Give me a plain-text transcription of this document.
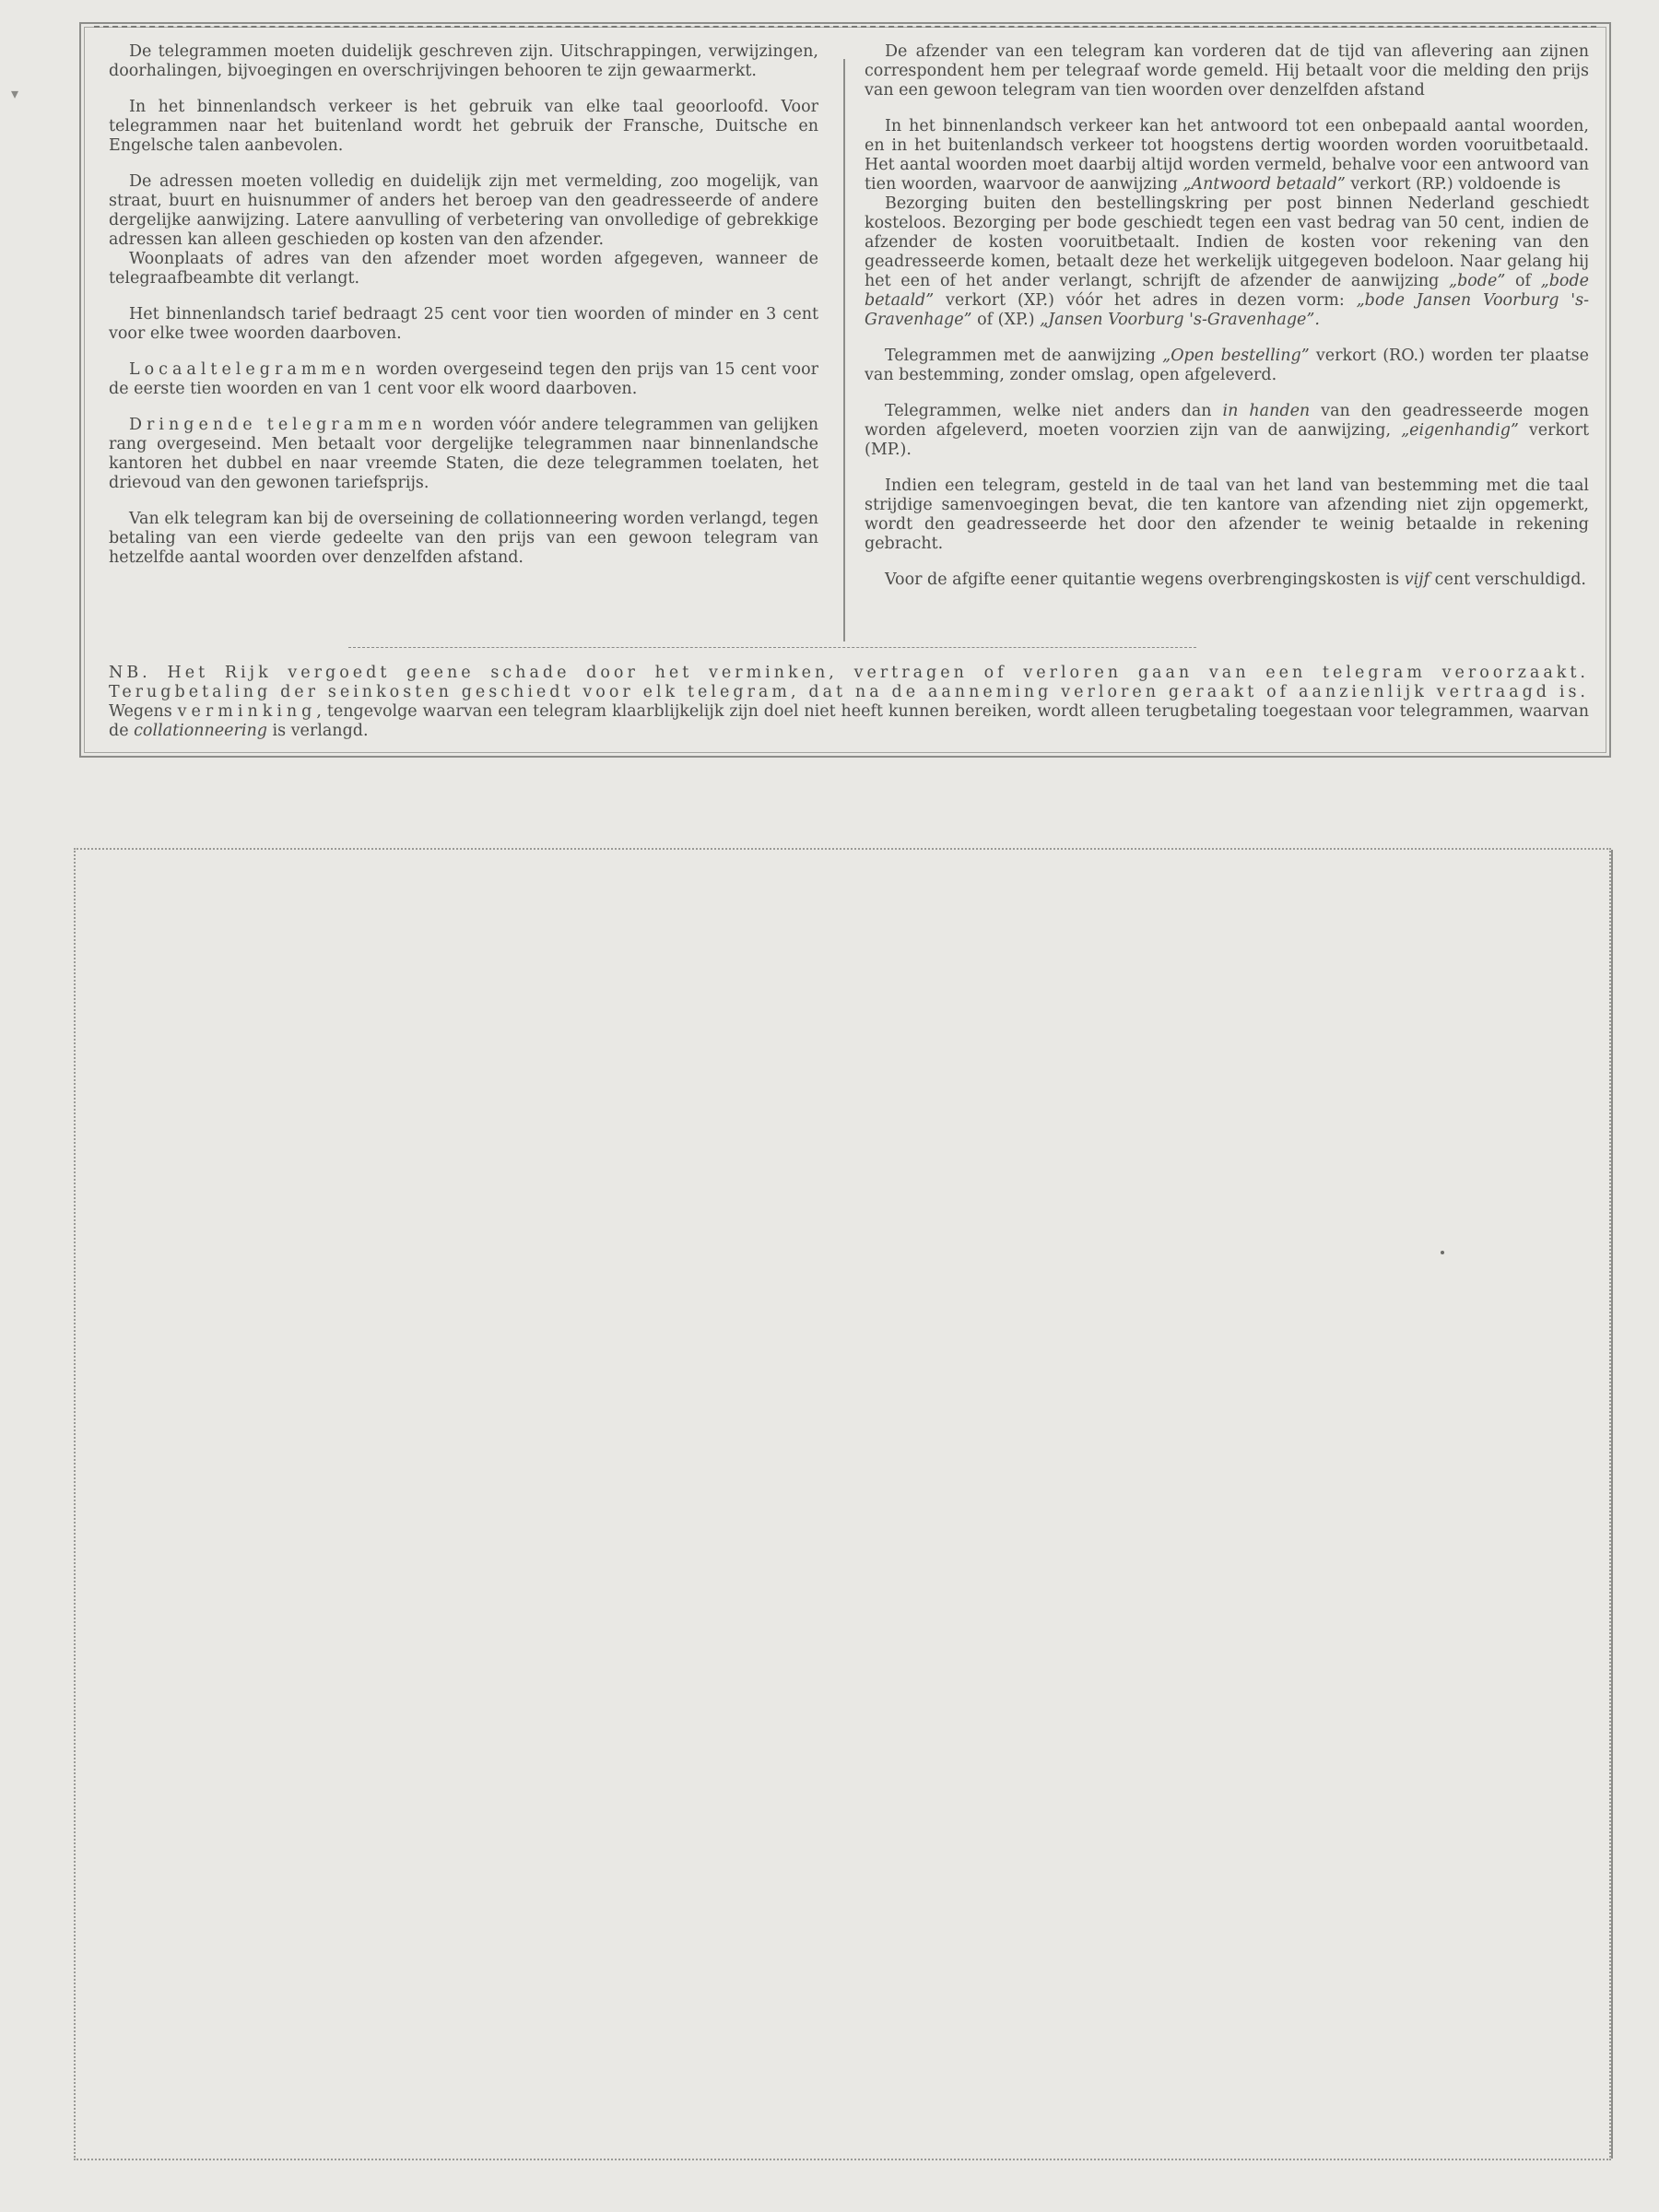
▾

De telegrammen moeten duidelijk geschreven zijn. Uitschrappingen, verwijzingen, doorhalingen, bijvoegingen en overschrijvingen behooren te zijn gewaarmerkt.

In het binnenlandsch verkeer is het gebruik van elke taal geoorloofd. Voor telegrammen naar het buitenland wordt het gebruik der Fransche, Duitsche en Engelsche talen aanbevolen.

De adressen moeten volledig en duidelijk zijn met vermelding, zoo mogelijk, van straat, buurt en huisnummer of anders het beroep van den geadresseerde of andere dergelijke aanwijzing. Latere aanvulling of verbetering van onvolledige of gebrekkige adressen kan alleen geschieden op kosten van den afzender.

Woonplaats of adres van den afzender moet worden afgegeven, wanneer de telegraafbeambte dit verlangt.

Het binnenlandsch tarief bedraagt 25 cent voor tien woorden of minder en 3 cent voor elke twee woorden daarboven.

Locaaltelegrammen worden overgeseind tegen den prijs van 15 cent voor de eerste tien woorden en van 1 cent voor elk woord daarboven.

Dringende telegrammen worden vóór andere telegrammen van gelijken rang overgeseind. Men betaalt voor dergelijke telegrammen naar binnenlandsche kantoren het dubbel en naar vreemde Staten, die deze telegrammen toelaten, het drievoud van den gewonen tariefsprijs.

Van elk telegram kan bij de overseining de collationneering worden verlangd, tegen betaling van een vierde gedeelte van den prijs van een gewoon telegram van hetzelfde aantal woorden over denzelfden afstand.

De afzender van een telegram kan vorderen dat de tijd van aflevering aan zijnen correspondent hem per telegraaf worde gemeld. Hij betaalt voor die melding den prijs van een gewoon telegram van tien woorden over denzelfden afstand

In het binnenlandsch verkeer kan het antwoord tot een onbepaald aantal woorden, en in het buitenlandsch verkeer tot hoogstens dertig woorden worden vooruitbetaald. Het aantal woorden moet daarbij altijd worden vermeld, behalve voor een antwoord van tien woorden, waarvoor de aanwijzing „Antwoord betaald” verkort (RP.) voldoende is

Bezorging buiten den bestellingskring per post binnen Nederland geschiedt kosteloos. Bezorging per bode geschiedt tegen een vast bedrag van 50 cent, indien de afzender de kosten vooruitbetaalt. Indien de kosten voor rekening van den geadresseerde komen, betaalt deze het werkelijk uitgegeven bodeloon. Naar gelang hij het een of het ander verlangt, schrijft de afzender de aanwijzing „bode” of „bode betaald” verkort (XP.) vóór het adres in dezen vorm: „bode Jansen Voorburg 's-Gravenhage” of (XP.) „Jansen Voorburg 's-Gravenhage”.

Telegrammen met de aanwijzing „Open bestelling” verkort (RO.) worden ter plaatse van bestemming, zonder omslag, open afgeleverd.

Telegrammen, welke niet anders dan in handen van den geadresseerde mogen worden afgeleverd, moeten voorzien zijn van de aanwijzing, „eigenhandig” verkort (MP.).

Indien een telegram, gesteld in de taal van het land van bestemming met die taal strijdige samenvoegingen bevat, die ten kantore van afzending niet zijn opgemerkt, wordt den geadresseerde het door den afzender te weinig betaalde in rekening gebracht.

Voor de afgifte eener quitantie wegens overbrengingskosten is vijf cent verschuldigd.

NB. Het Rijk vergoedt geene schade door het verminken, vertragen of verloren gaan van een telegram veroorzaakt. Terugbetaling der seinkosten geschiedt voor elk telegram, dat na de aanneming verloren geraakt of aanzienlijk vertraagd is. Wegens verminking, tengevolge waarvan een telegram klaarblijkelijk zijn doel niet heeft kunnen bereiken, wordt alleen terugbetaling toegestaan voor telegrammen, waarvan de collationneering is verlangd.
